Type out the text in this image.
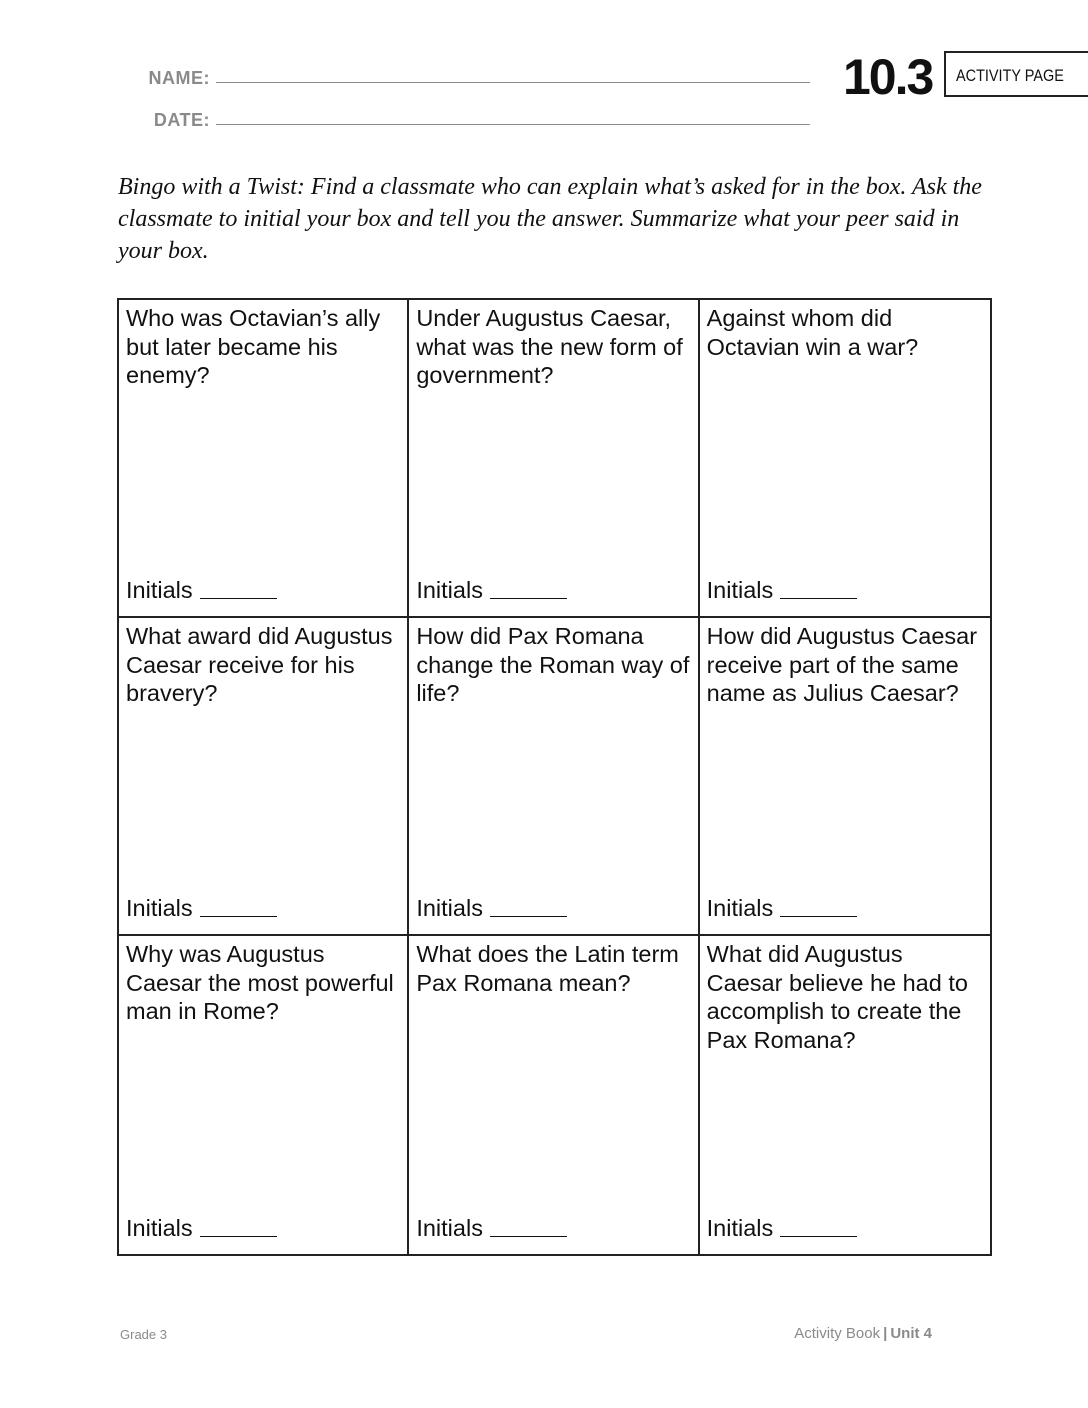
NAME:
DATE:
10.3	ACTIVITY PAGE

Bingo with a Twist: Find a classmate who can explain what’s asked for in the box. Ask the classmate to initial your box and tell you the answer. Summarize what your peer said in your box.

Who was Octavian’s ally but later became his enemy?

Initials

Under Augustus Caesar, what was the new form of government?

Initials

Against whom did Octavian win a war?

Initials

What award did Augustus Caesar receive for his bravery?

Initials

How did Pax Romana change the Roman way of life?

Initials

How did Augustus Caesar receive part of the same name as Julius Caesar?

Initials

Why was Augustus Caesar the most powerful man in Rome?

Initials

What does the Latin term Pax Romana mean?

Initials

What did Augustus Caesar believe he had to accomplish to create the Pax Romana?

Initials
Grade 3	Activity Book | Unit 4
